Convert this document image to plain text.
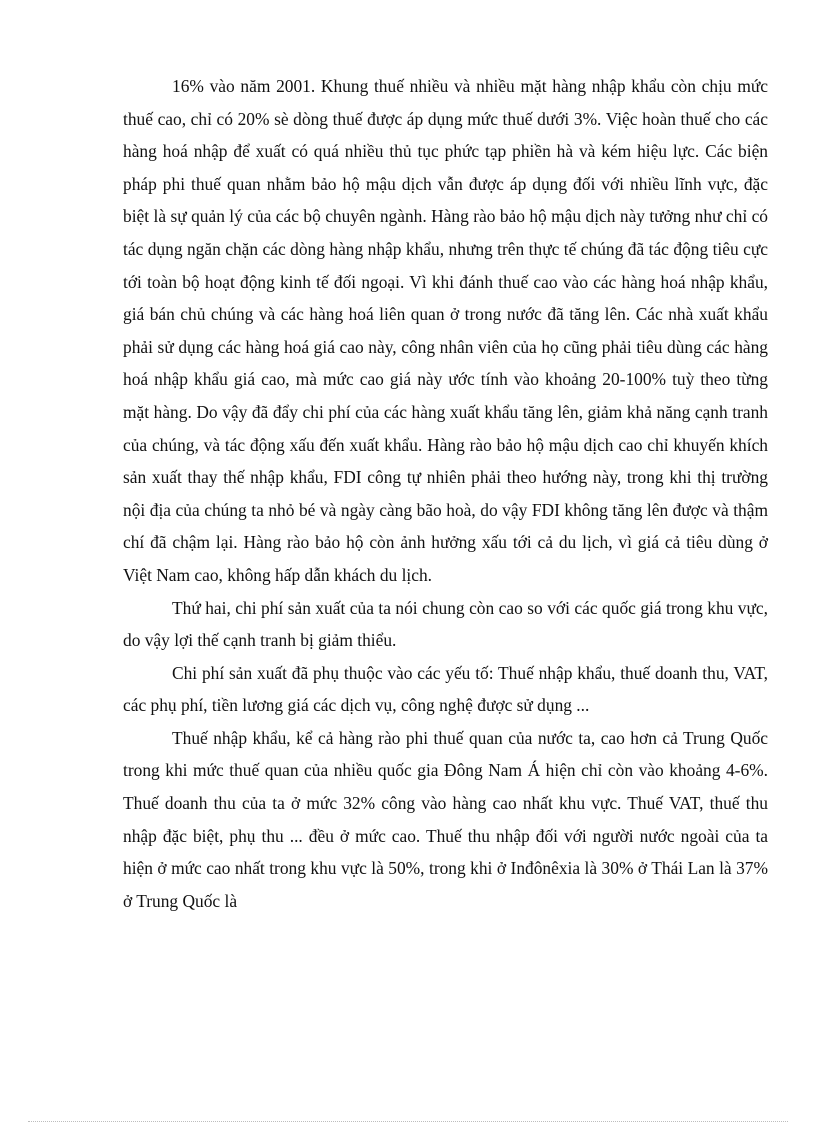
16% vào năm 2001. Khung thuế nhiều và nhiều mặt hàng nhập khẩu còn chịu mức thuế cao, chỉ có 20% sè dòng thuế được áp dụng mức thuế dưới 3%. Việc hoàn thuế cho các hàng hoá nhập để xuất có quá nhiều thủ tục phức tạp phiền hà và kém hiệu lực. Các biện pháp phi thuế quan nhằm bảo hộ mậu dịch vẫn được áp dụng đối với nhiều lĩnh vực, đặc biệt là sự quản lý của các bộ chuyên ngành. Hàng rào bảo hộ mậu dịch này tưởng như chỉ có tác dụng ngăn chặn các dòng hàng nhập khẩu, nhưng trên thực tế chúng đã tác động tiêu cực tới toàn bộ hoạt động kinh tế đối ngoại. Vì khi đánh thuế cao vào các hàng hoá nhập khẩu, giá bán chủ chúng và các hàng hoá liên quan ở trong nước đã tăng lên. Các nhà xuất khẩu phải sử dụng các hàng hoá giá cao này, công nhân viên của họ cũng phải tiêu dùng các hàng hoá nhập khẩu giá cao, mà mức cao giá này ước tính vào khoảng 20-100% tuỳ theo từng mặt hàng. Do vậy đã đẩy chi phí của các hàng xuất khẩu tăng lên, giảm khả năng cạnh tranh của chúng, và tác động xấu đến xuất khẩu. Hàng rào bảo hộ mậu dịch cao chỉ khuyến khích sản xuất thay thế nhập khẩu, FDI công tự nhiên phải theo hướng này, trong khi thị trường nội địa của chúng ta nhỏ bé và ngày càng bão hoà, do vậy FDI không tăng lên được và thậm chí đã chậm lại. Hàng rào bảo hộ còn ảnh hưởng xấu tới cả du lịch, vì giá cả tiêu dùng ở Việt Nam cao, không hấp dẫn khách du lịch.

Thứ hai, chi phí sản xuất của ta nói chung còn cao so với các quốc giá trong khu vực, do vậy lợi thế cạnh tranh bị giảm thiểu.

Chi phí sản xuất đã phụ thuộc vào các yếu tố: Thuế nhập khẩu, thuế doanh thu, VAT, các phụ phí, tiền lương giá các dịch vụ, công nghệ được sử dụng ...

Thuế nhập khẩu, kể cả hàng rào phi thuế quan của nước ta, cao hơn cả Trung Quốc trong khi mức thuế quan của nhiều quốc gia Đông Nam Á hiện chỉ còn vào khoảng 4-6%. Thuế doanh thu của ta ở mức 32% công vào hàng cao nhất khu vực. Thuế VAT, thuế thu nhập đặc biệt, phụ thu ... đều ở mức cao. Thuế thu nhập đối với người nước ngoài của ta hiện ở mức cao nhất trong khu vực là 50%, trong khi ở Inđônêxia là 30% ở Thái Lan là 37% ở Trung Quốc là
